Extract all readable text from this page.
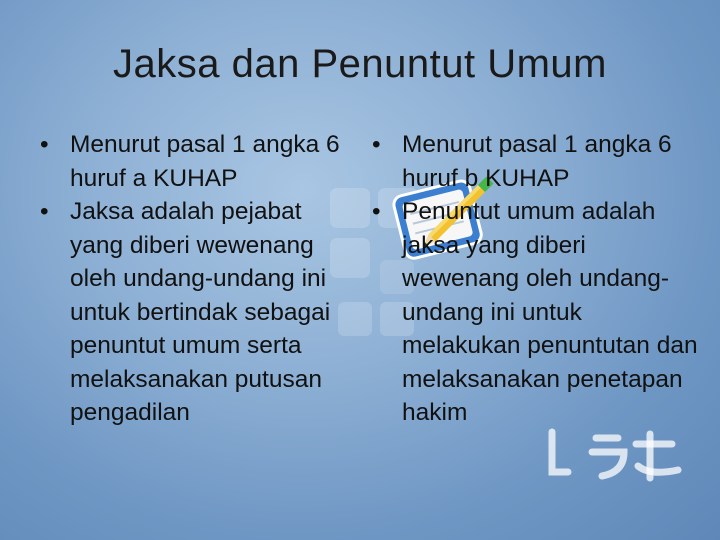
Jaksa dan Penuntut Umum
• Menurut pasal 1 angka 6 huruf a KUHAP
• Jaksa adalah pejabat yang diberi wewenang oleh undang-undang ini untuk bertindak sebagai penuntut umum serta melaksanakan putusan pengadilan
• Menurut pasal 1 angka 6 huruf b KUHAP
• Penuntut umum adalah jaksa yang diberi wewenang oleh undang-undang ini untuk melakukan penuntutan dan melaksanakan penetapan hakim
